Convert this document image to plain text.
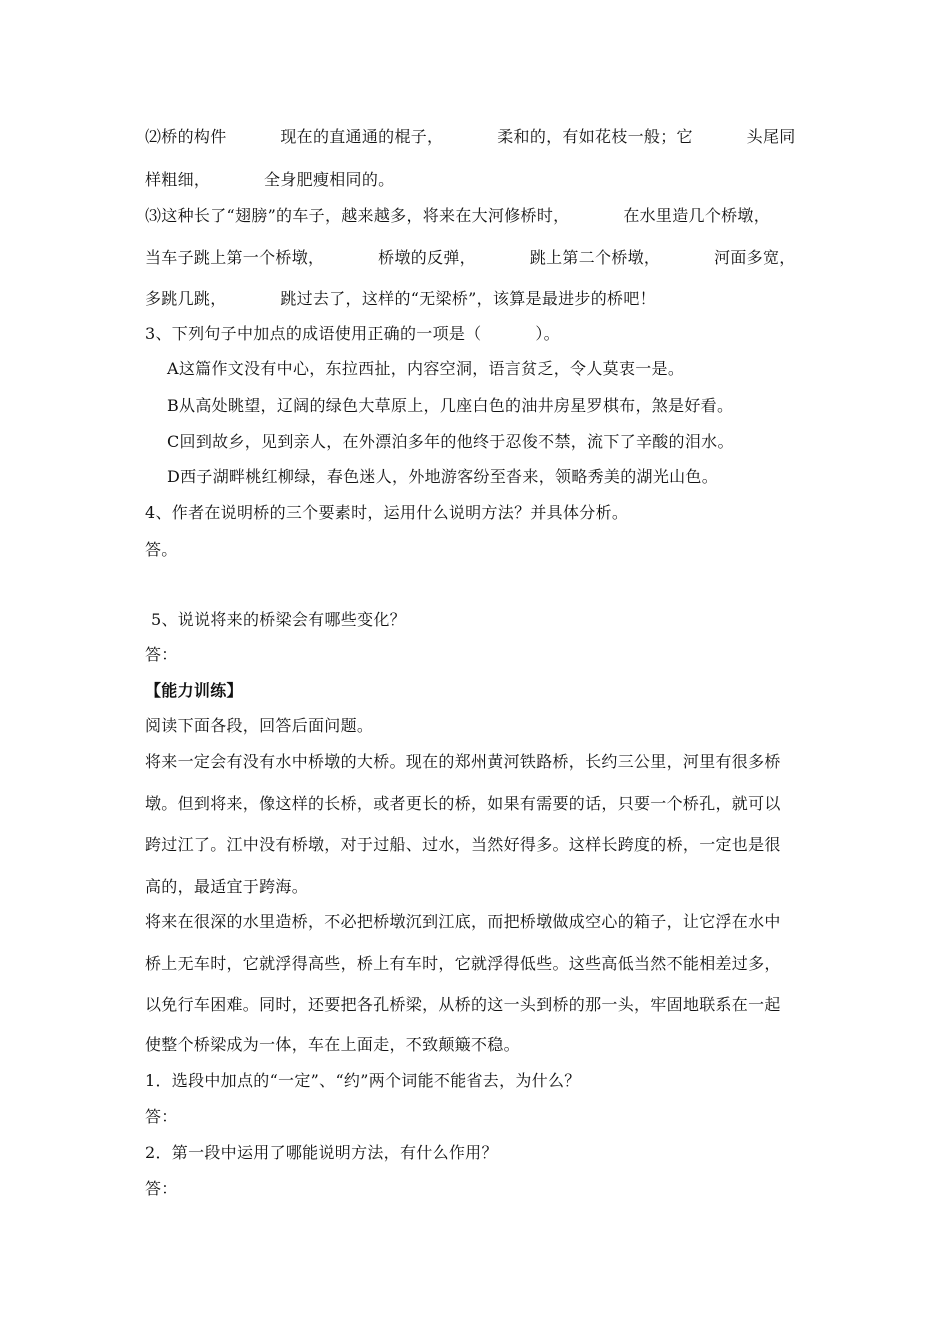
⑵桥的构件          现在的直通通的棍子，          柔和的，有如花枝一般；它          头尾同
样粗细，          全身肥瘦相同的。
⑶这种长了“翅膀”的车子，越来越多，将来在大河修桥时，          在水里造几个桥墩，
当车子跳上第一个桥墩，          桥墩的反弹，          跳上第二个桥墩，          河面多宽，
多跳几跳，          跳过去了，这样的“无梁桥”，该算是最进步的桥吧！
3、下列句子中加点的成语使用正确的一项是（          ）。
A这篇作文没有中心，东拉西扯，内容空洞，语言贫乏，令人莫衷一是。
B从高处眺望，辽阔的绿色大草原上，几座白色的油井房星罗棋布，煞是好看。
C回到故乡，见到亲人，在外漂泊多年的他终于忍俊不禁，流下了辛酸的泪水。
D西子湖畔桃红柳绿，春色迷人，外地游客纷至沓来，领略秀美的湖光山色。
4、作者在说明桥的三个要素时，运用什么说明方法？并具体分析。
答。
5、说说将来的桥梁会有哪些变化？
答：
【能力训练】
阅读下面各段，回答后面问题。
将来一定会有没有水中桥墩的大桥。现在的郑州黄河铁路桥，长约三公里，河里有很多桥
墩。但到将来，像这样的长桥，或者更长的桥，如果有需要的话，只要一个桥孔，就可以
跨过江了。江中没有桥墩，对于过船、过水，当然好得多。这样长跨度的桥，一定也是很
高的，最适宜于跨海。
将来在很深的水里造桥，不必把桥墩沉到江底，而把桥墩做成空心的箱子，让它浮在水中
桥上无车时，它就浮得高些，桥上有车时，它就浮得低些。这些高低当然不能相差过多，
以免行车困难。同时，还要把各孔桥梁，从桥的这一头到桥的那一头，牢固地联系在一起
使整个桥梁成为一体，车在上面走，不致颠簸不稳。
1．选段中加点的“一定”、“约”两个词能不能省去，为什么？
答：
2．第一段中运用了哪能说明方法，有什么作用？
答：
